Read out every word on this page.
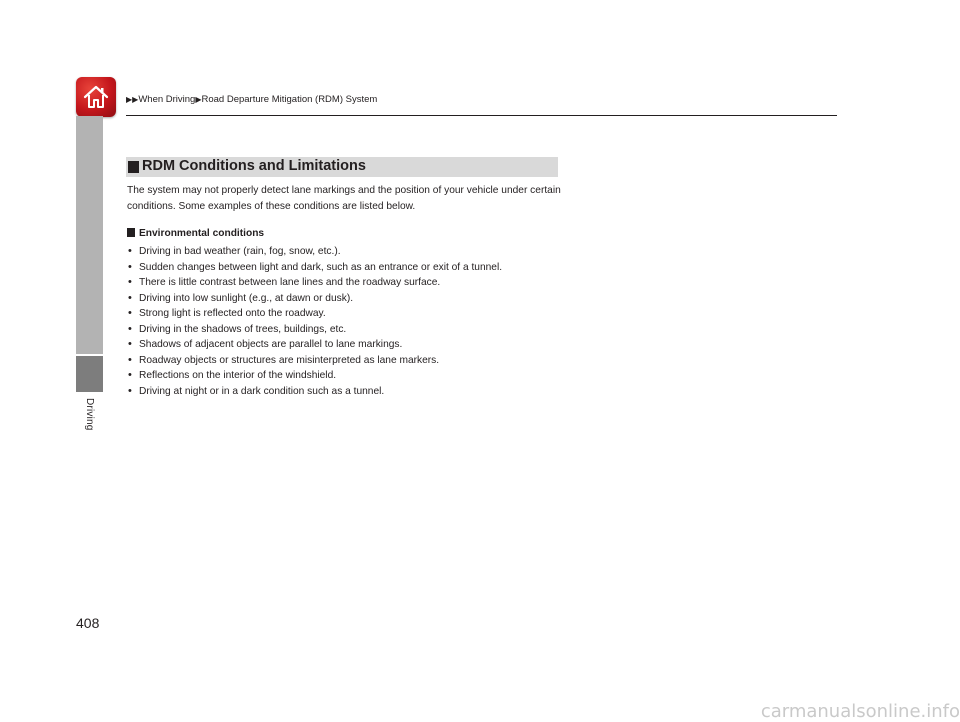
▶▶When Driving▶Road Departure Mitigation (RDM) System
Driving
RDM Conditions and Limitations
The system may not properly detect lane markings and the position of your vehicle under certain conditions. Some examples of these conditions are listed below.
Environmental conditions
• Driving in bad weather (rain, fog, snow, etc.).
• Sudden changes between light and dark, such as an entrance or exit of a tunnel.
• There is little contrast between lane lines and the roadway surface.
• Driving into low sunlight (e.g., at dawn or dusk).
• Strong light is reflected onto the roadway.
• Driving in the shadows of trees, buildings, etc.
• Shadows of adjacent objects are parallel to lane markings.
• Roadway objects or structures are misinterpreted as lane markers.
• Reflections on the interior of the windshield.
• Driving at night or in a dark condition such as a tunnel.
408
carmanualsonline.info
